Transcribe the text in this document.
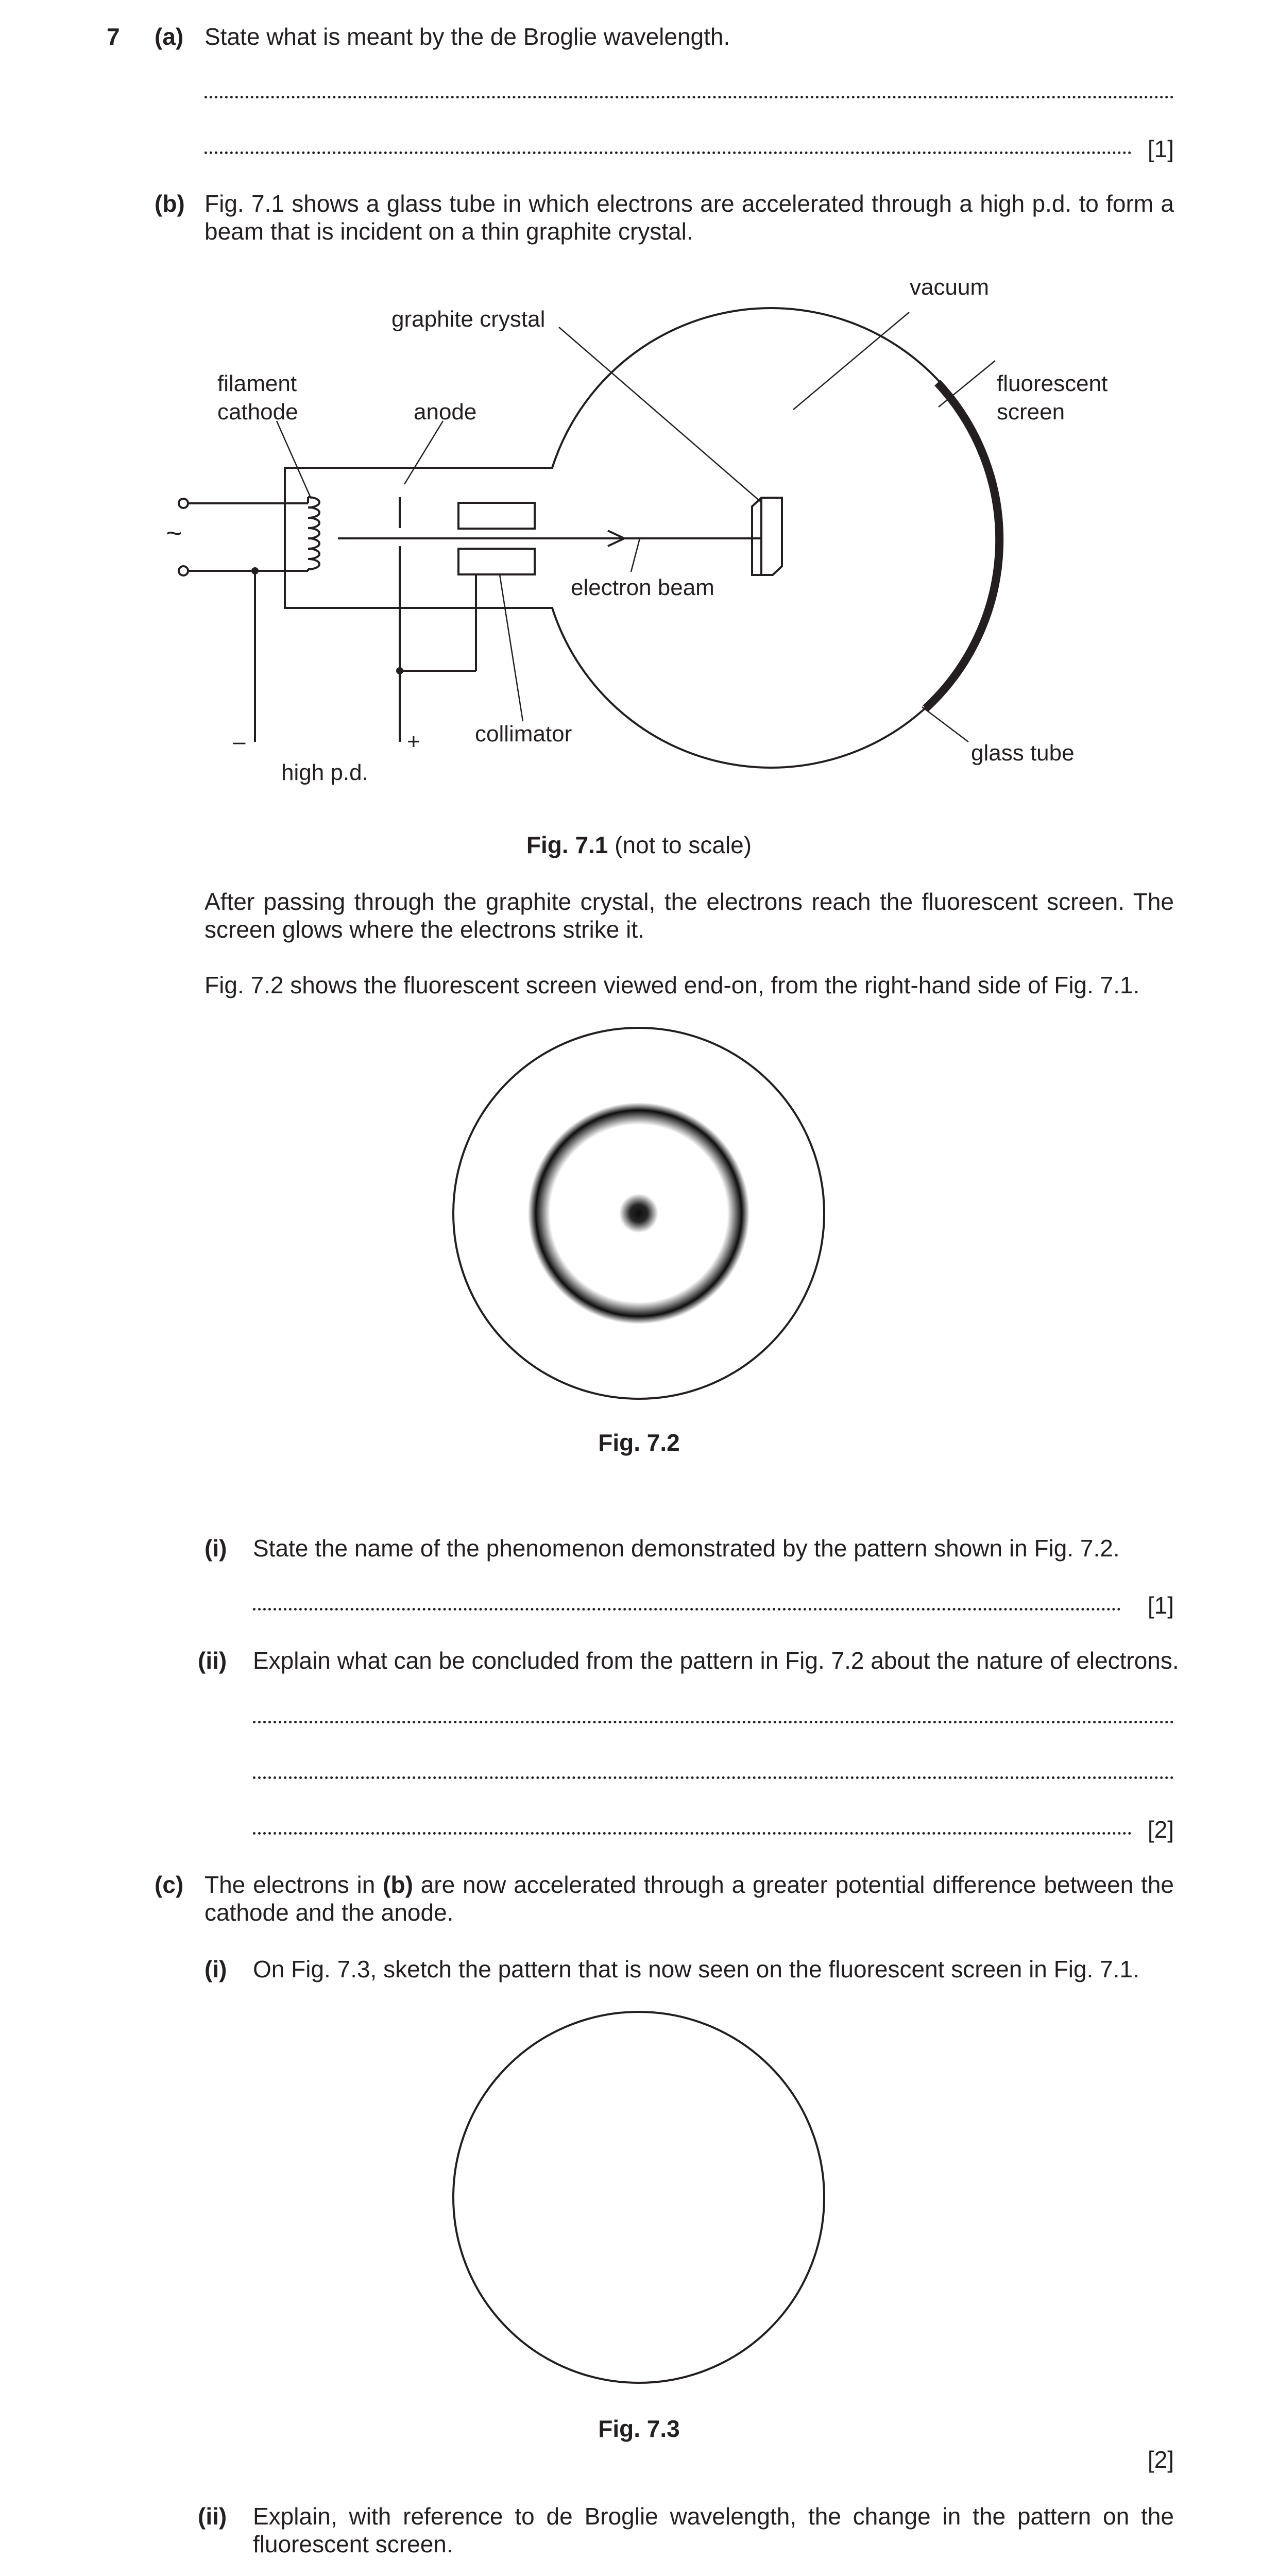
7 (a) State what is meant by the de Broglie wavelength.
[1]
(b) Fig. 7.1 shows a glass tube in which electrons are accelerated through a high p.d. to form a beam that is incident on a thin graphite crystal.
vacuum
graphite crystal
filament
cathode	anode
fluorescent
screen
electron beam
collimator
glass tube
high p.d.
–	+
~
Fig. 7.1 (not to scale)
After passing through the graphite crystal, the electrons reach the fluorescent screen. The screen glows where the electrons strike it.
Fig. 7.2 shows the fluorescent screen viewed end-on, from the right-hand side of Fig. 7.1.
Fig. 7.2
(i) State the name of the phenomenon demonstrated by the pattern shown in Fig. 7.2.
[1]
(ii) Explain what can be concluded from the pattern in Fig. 7.2 about the nature of electrons.
[2]
(c) The electrons in (b) are now accelerated through a greater potential difference between the cathode and the anode.
(i) On Fig. 7.3, sketch the pattern that is now seen on the fluorescent screen in Fig. 7.1.
Fig. 7.3
[2]
(ii) Explain, with reference to de Broglie wavelength, the change in the pattern on the fluorescent screen.
